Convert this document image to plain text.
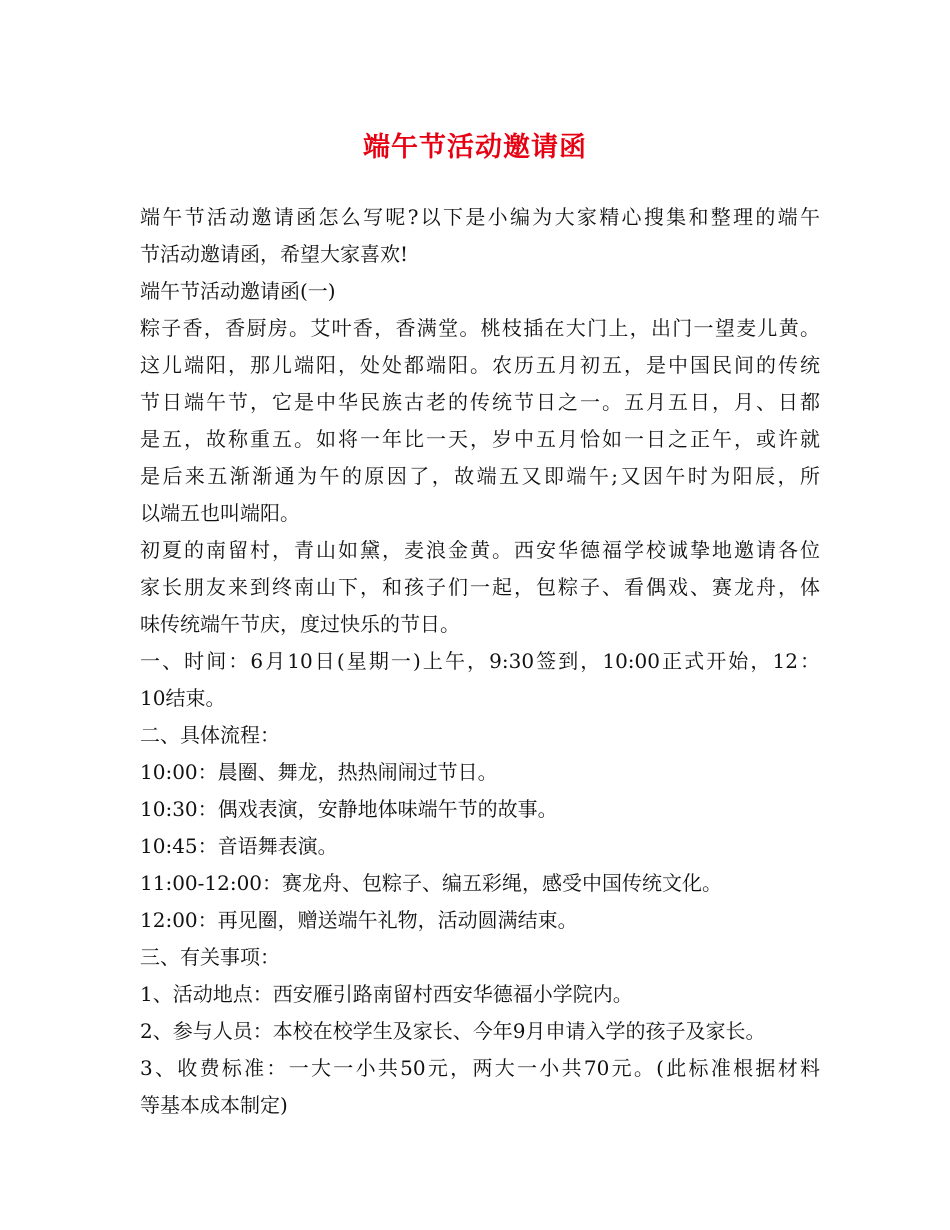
端午节活动邀请函
端午节活动邀请函怎么写呢?以下是小编为大家精心搜集和整理的端午
节活动邀请函，希望大家喜欢!
端午节活动邀请函(一)
粽子香，香厨房。艾叶香，香满堂。桃枝插在大门上，出门一望麦儿黄。
这儿端阳，那儿端阳，处处都端阳。农历五月初五，是中国民间的传统
节日端午节，它是中华民族古老的传统节日之一。五月五日，月、日都
是五，故称重五。如将一年比一天，岁中五月恰如一日之正午，或许就
是后来五渐渐通为午的原因了，故端五又即端午;又因午时为阳辰，所
以端五也叫端阳。
初夏的南留村，青山如黛，麦浪金黄。西安华德福学校诚挚地邀请各位
家长朋友来到终南山下，和孩子们一起，包粽子、看偶戏、赛龙舟，体
味传统端午节庆，度过快乐的节日。
一、时间：6月10日(星期一)上午，9:30签到，10:00正式开始，12：
10结束。
二、具体流程：
10:00：晨圈、舞龙，热热闹闹过节日。
10:30：偶戏表演，安静地体味端午节的故事。
10:45：音语舞表演。
11:00-12:00：赛龙舟、包粽子、编五彩绳，感受中国传统文化。
12:00：再见圈，赠送端午礼物，活动圆满结束。
三、有关事项：
1、活动地点：西安雁引路南留村西安华德福小学院内。
2、参与人员：本校在校学生及家长、今年9月申请入学的孩子及家长。
3、收费标准：一大一小共50元，两大一小共70元。(此标准根据材料
等基本成本制定)
